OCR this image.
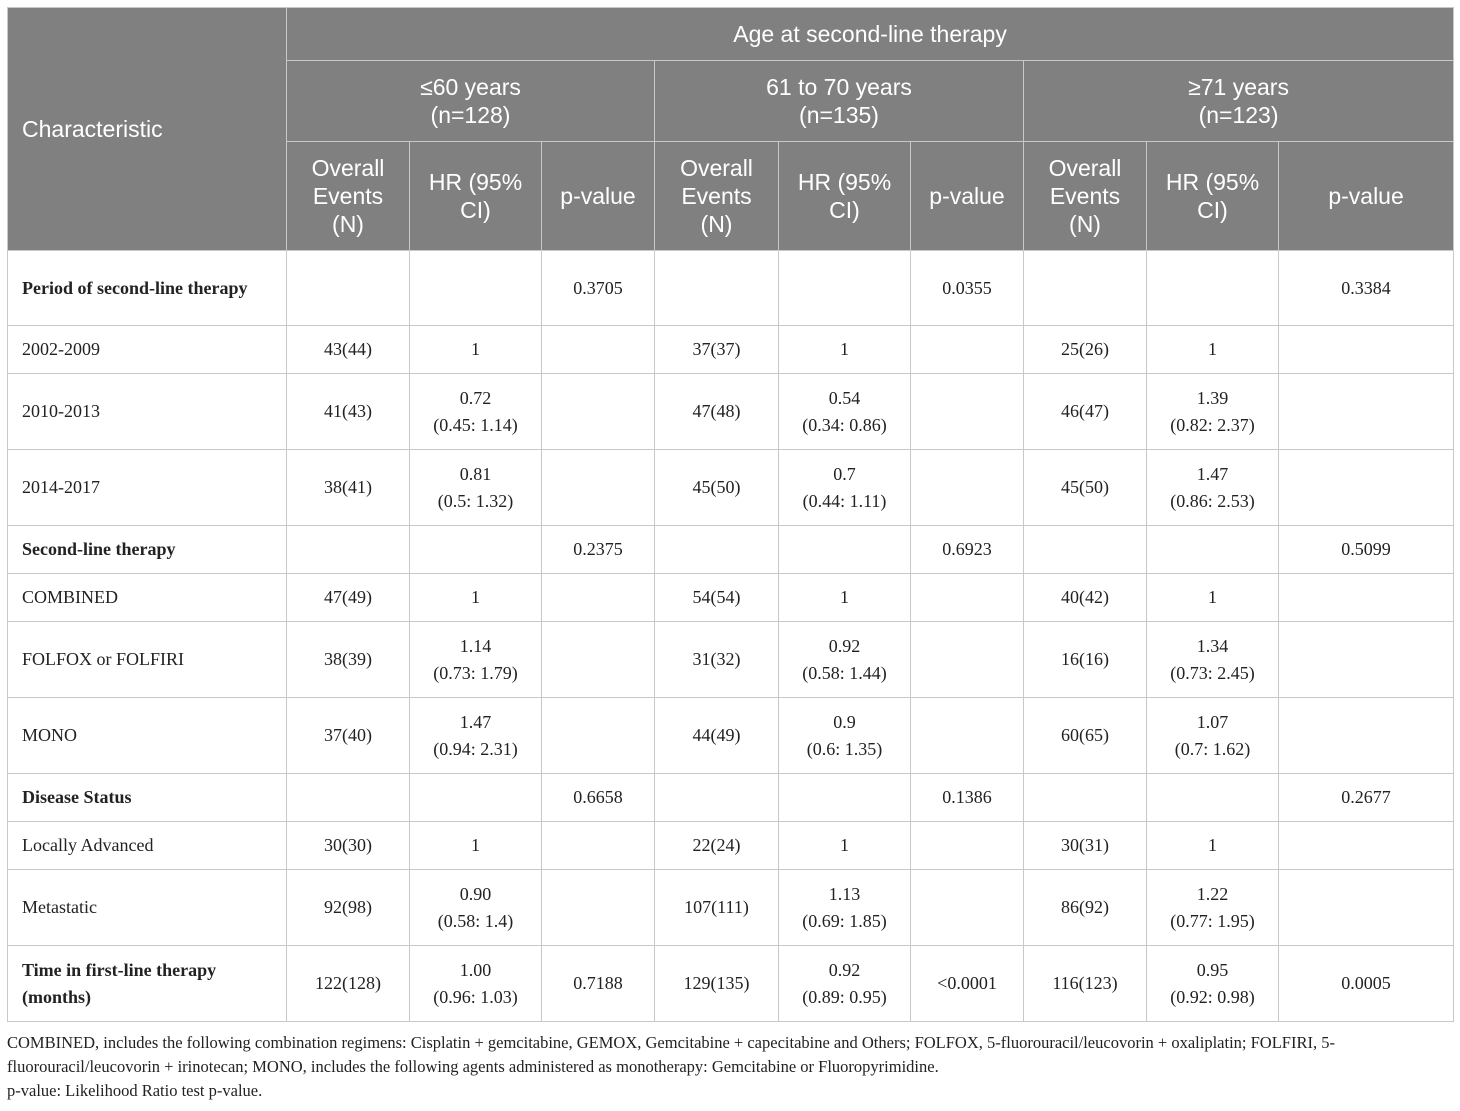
Characteristic	Age at second-line therapy								
	≤60 years
(n=128)			61 to 70 years
(n=135)			≥71 years
(n=123)		
	Overall
Events
(N)	HR (95%
CI)	p-value	Overall
Events
(N)	HR (95%
CI)	p-value	Overall
Events
(N)	HR (95%
CI)	p-value
Period of second-line therapy			0.3705			0.0355			0.3384
2002-2009	43(44)	1		37(37)	1		25(26)	1	
2010-2013	41(43)	0.72
(0.45: 1.14)		47(48)	0.54
(0.34: 0.86)		46(47)	1.39
(0.82: 2.37)	
2014-2017	38(41)	0.81
(0.5: 1.32)		45(50)	0.7
(0.44: 1.11)		45(50)	1.47
(0.86: 2.53)	
Second-line therapy			0.2375			0.6923			0.5099
COMBINED	47(49)	1		54(54)	1		40(42)	1	
FOLFOX or FOLFIRI	38(39)	1.14
(0.73: 1.79)		31(32)	0.92
(0.58: 1.44)		16(16)	1.34
(0.73: 2.45)	
MONO	37(40)	1.47
(0.94: 2.31)		44(49)	0.9
(0.6: 1.35)		60(65)	1.07
(0.7: 1.62)	
Disease Status			0.6658			0.1386			0.2677
Locally Advanced	30(30)	1		22(24)	1		30(31)	1	
Metastatic	92(98)	0.90
(0.58: 1.4)		107(111)	1.13
(0.69: 1.85)		86(92)	1.22
(0.77: 1.95)	
Time in first-line therapy (months)	122(128)	1.00
(0.96: 1.03)	0.7188	129(135)	0.92
(0.89: 0.95)	<0.0001	116(123)	0.95
(0.92: 0.98)	0.0005

COMBINED, includes the following combination regimens: Cisplatin + gemcitabine, GEMOX, Gemcitabine + capecitabine and Others; FOLFOX, 5-fluorouracil/leucovorin + oxaliplatin; FOLFIRI, 5-fluorouracil/leucovorin + irinotecan; MONO, includes the following agents administered as monotherapy: Gemcitabine or Fluoropyrimidine.

p-value: Likelihood Ratio test p-value.
